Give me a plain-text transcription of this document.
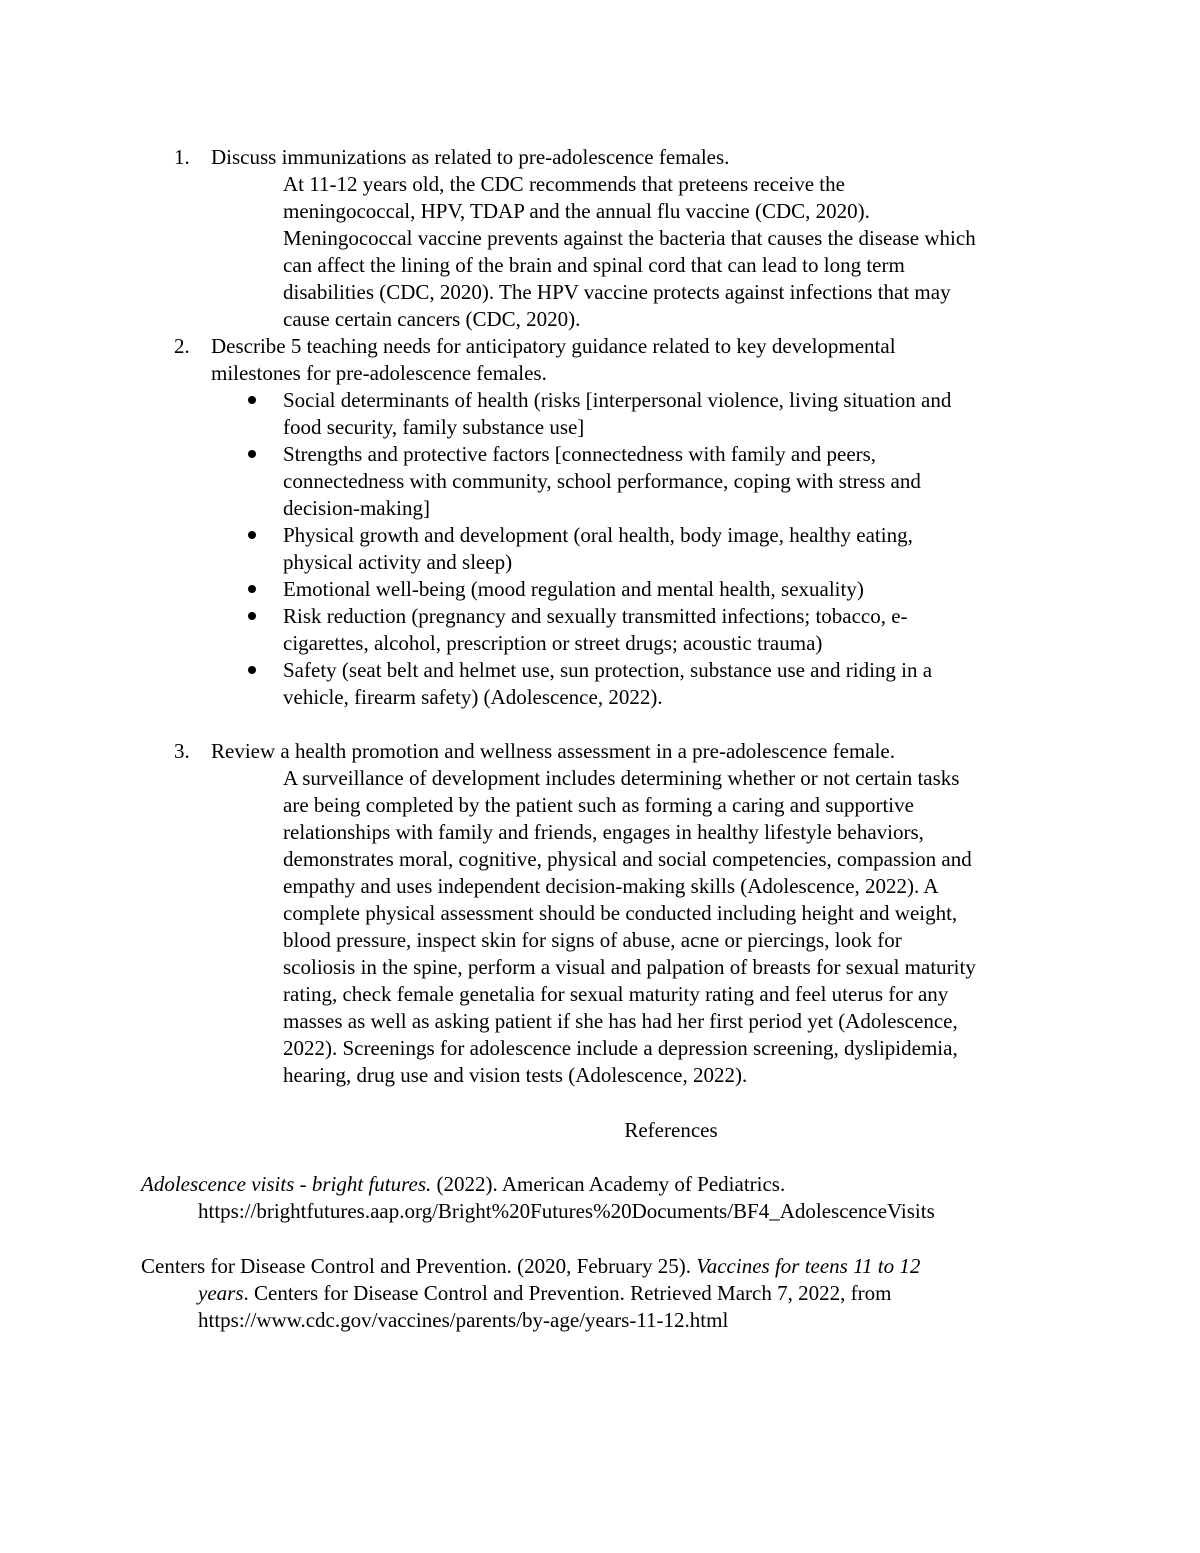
1. Discuss immunizations as related to pre-adolescence females.
At 11-12 years old, the CDC recommends that preteens receive the
meningococcal, HPV, TDAP and the annual flu vaccine (CDC, 2020).
Meningococcal vaccine prevents against the bacteria that causes the disease which
can affect the lining of the brain and spinal cord that can lead to long term
disabilities (CDC, 2020). The HPV vaccine protects against infections that may
cause certain cancers (CDC, 2020).
2. Describe 5 teaching needs for anticipatory guidance related to key developmental
milestones for pre-adolescence females.
Social determinants of health (risks [interpersonal violence, living situation and
food security, family substance use]
Strengths and protective factors [connectedness with family and peers,
connectedness with community, school performance, coping with stress and
decision-making]
Physical growth and development (oral health, body image, healthy eating,
physical activity and sleep)
Emotional well-being (mood regulation and mental health, sexuality)
Risk reduction (pregnancy and sexually transmitted infections; tobacco, e-
cigarettes, alcohol, prescription or street drugs; acoustic trauma)
Safety (seat belt and helmet use, sun protection, substance use and riding in a
vehicle, firearm safety) (Adolescence, 2022).
3. Review a health promotion and wellness assessment in a pre-adolescence female.
A surveillance of development includes determining whether or not certain tasks
are being completed by the patient such as forming a caring and supportive
relationships with family and friends, engages in healthy lifestyle behaviors,
demonstrates moral, cognitive, physical and social competencies, compassion and
empathy and uses independent decision-making skills (Adolescence, 2022). A
complete physical assessment should be conducted including height and weight,
blood pressure, inspect skin for signs of abuse, acne or piercings, look for
scoliosis in the spine, perform a visual and palpation of breasts for sexual maturity
rating, check female genetalia for sexual maturity rating and feel uterus for any
masses as well as asking patient if she has had her first period yet (Adolescence,
2022). Screenings for adolescence include a depression screening, dyslipidemia,
hearing, drug use and vision tests (Adolescence, 2022).
References
Adolescence visits - bright futures. (2022). American Academy of Pediatrics.
https://brightfutures.aap.org/Bright%20Futures%20Documents/BF4_AdolescenceVisits
Centers for Disease Control and Prevention. (2020, February 25). Vaccines for teens 11 to 12
years. Centers for Disease Control and Prevention. Retrieved March 7, 2022, from
https://www.cdc.gov/vaccines/parents/by-age/years-11-12.html
